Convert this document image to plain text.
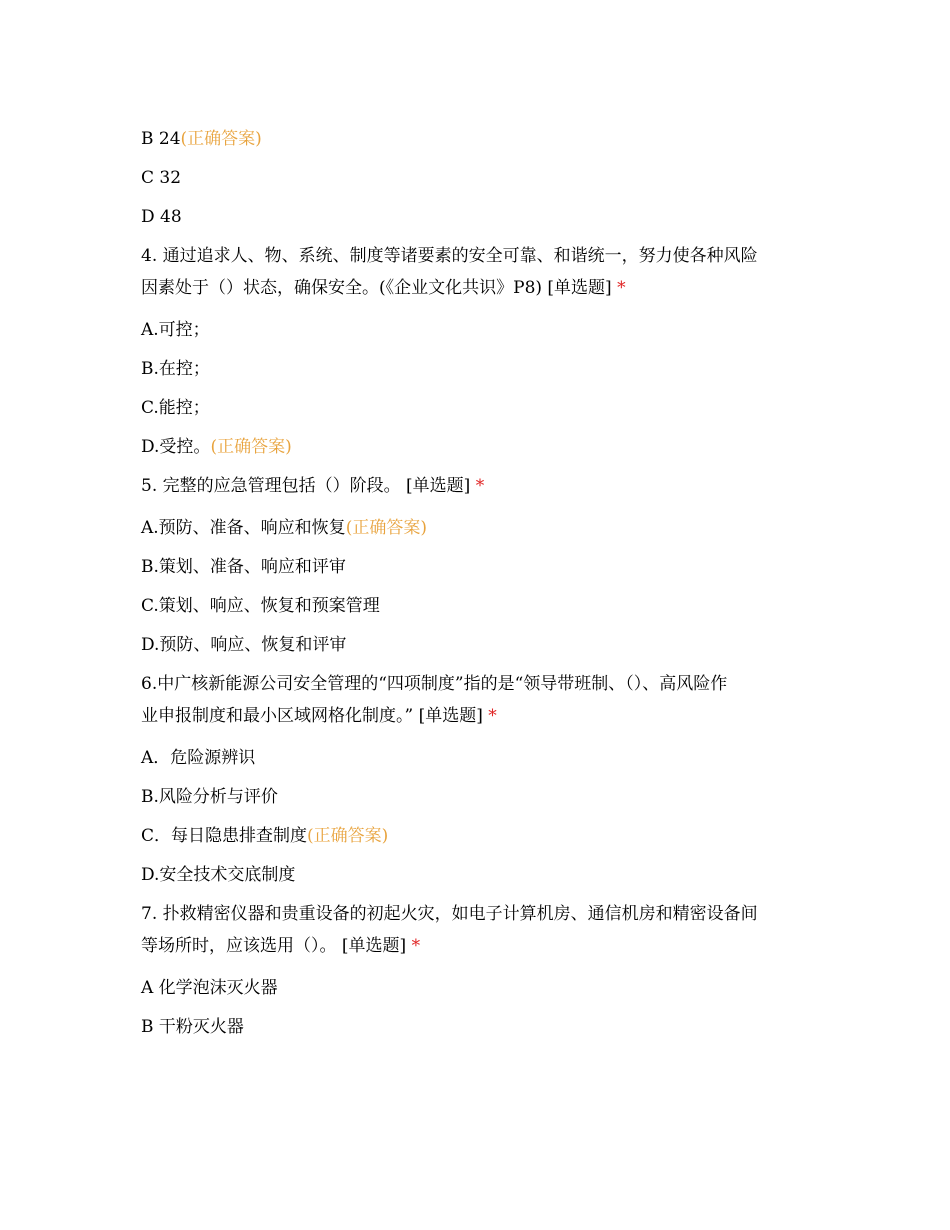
B 24(正确答案)
C 32
D 48
4. 通过追求人、物、系统、制度等诸要素的安全可靠、和谐统一，努力使各种风险
因素处于（）状态，确保安全。(《企业文化共识》P8) [单选题] *
A.可控；
B.在控；
C.能控；
D.受控。(正确答案)
5. 完整的应急管理包括（）阶段。 [单选题] *
A.预防、准备、响应和恢复(正确答案)
B.策划、准备、响应和评审
C.策划、响应、恢复和预案管理
D.预防、响应、恢复和评审
6.中广核新能源公司安全管理的“四项制度”指的是“领导带班制、（）、高风险作
业申报制度和最小区域网格化制度。” [单选题] *
A．危险源辨识
B.风险分析与评价
C．每日隐患排查制度(正确答案)
D.安全技术交底制度
7. 扑救精密仪器和贵重设备的初起火灾，如电子计算机房、通信机房和精密设备间
等场所时，应该选用（）。 [单选题] *
A 化学泡沫灭火器
B 干粉灭火器
